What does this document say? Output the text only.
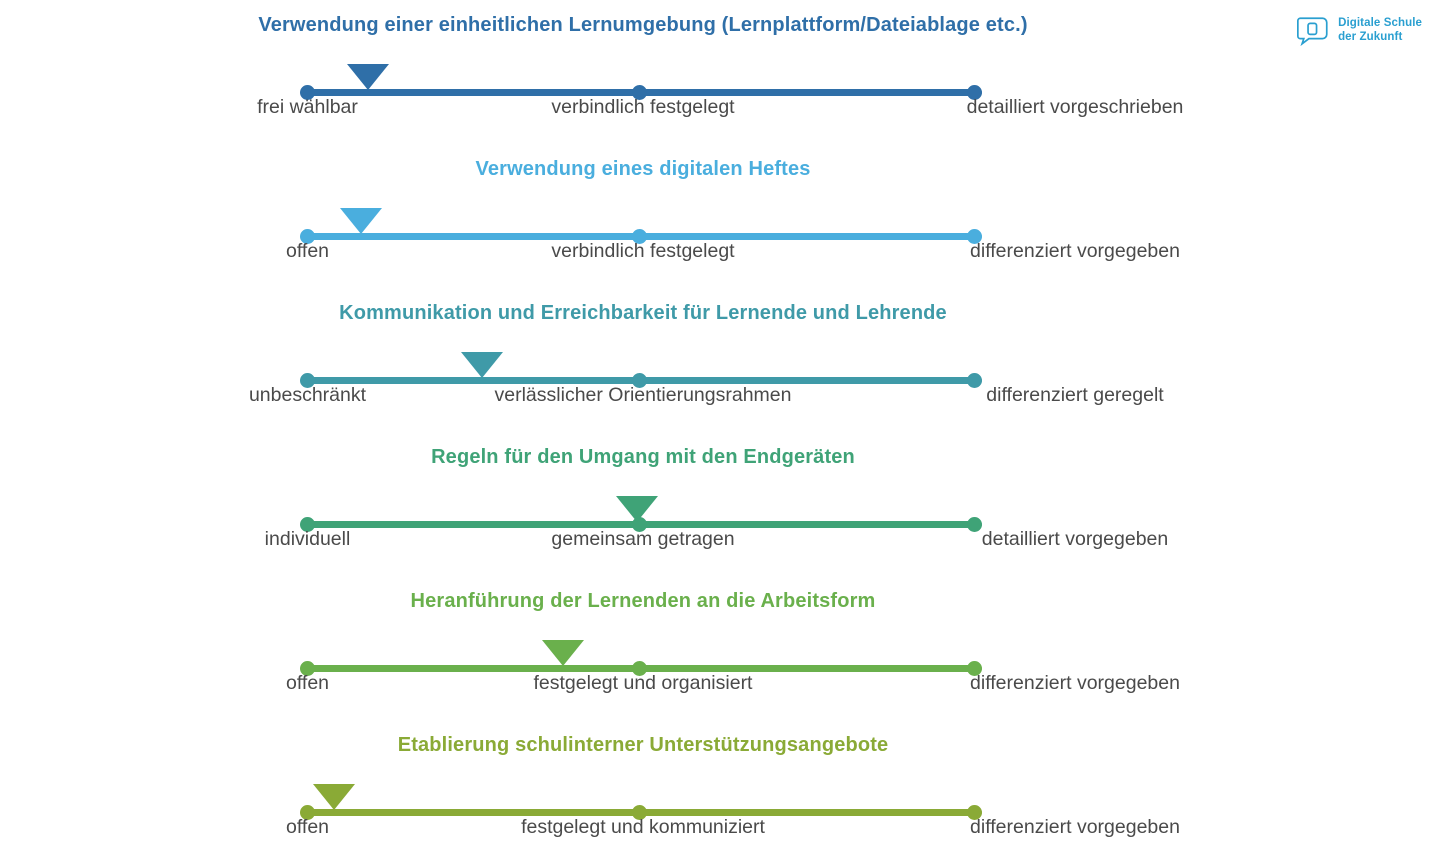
Digitale Schule
der Zukunft
Verwendung einer einheitlichen Lernumgebung (Lernplattform/Dateiablage etc.)
frei wählbar	verbindlich festgelegt	detailliert vorgeschrieben
Verwendung eines digitalen Heftes
offen	verbindlich festgelegt	differenziert vorgegeben
Kommunikation und Erreichbarkeit für Lernende und Lehrende
unbeschränkt	verlässlicher Orientierungsrahmen	differenziert geregelt
Regeln für den Umgang mit den Endgeräten
individuell	gemeinsam getragen	detailliert vorgegeben
Heranführung der Lernenden an die Arbeitsform
offen	festgelegt und organisiert	differenziert vorgegeben
Etablierung schulinterner Unterstützungsangebote
offen	festgelegt und kommuniziert	differenziert vorgegeben
